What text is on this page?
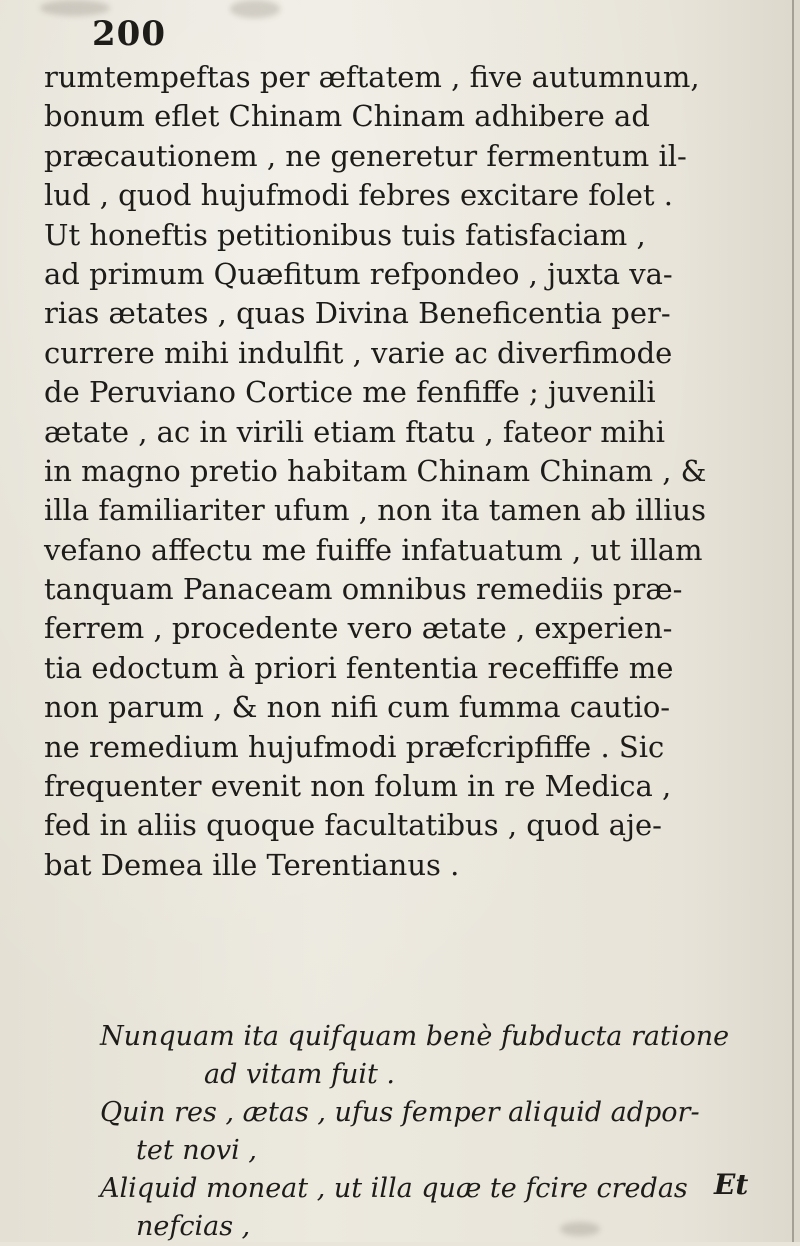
200
rumtempeftas per æftatem , five autumnum,
bonum eflet Chinam Chinam adhibere ad
præcautionem , ne generetur fermentum il-
lud , quod hujufmodi febres excitare folet .
Ut honeftis petitionibus tuis fatisfaciam ,
ad primum Quæfitum refpondeo , juxta va-
rias ætates , quas Divina Beneficentia per-
currere mihi indulfit , varie ac diverfimode
de Peruviano Cortice me fenfiffe ; juvenili
ætate , ac in virili etiam ftatu , fateor mihi
in magno pretio habitam Chinam Chinam , &
illa familiariter ufum , non ita tamen ab illius
vefano affectu me fuiffe infatuatum , ut illam
tanquam Panaceam omnibus remediis præ-
ferrem , procedente vero ætate , experien-
tia edoctum à priori fententia receffiffe me
non parum , & non nifi cum fumma cautio-
ne remedium hujufmodi præfcripfiffe . Sic
frequenter evenit non folum in re Medica ,
fed in aliis quoque facultatibus , quod aje-
bat Demea ille Terentianus .
Nunquam ita quifquam benè fubducta ratione
ad vitam fuit .
Quin res , ætas , ufus femper aliquid adpor-
tet novi ,
Aliquid moneat , ut illa quæ te fcire credas
nefcias ,
Et
